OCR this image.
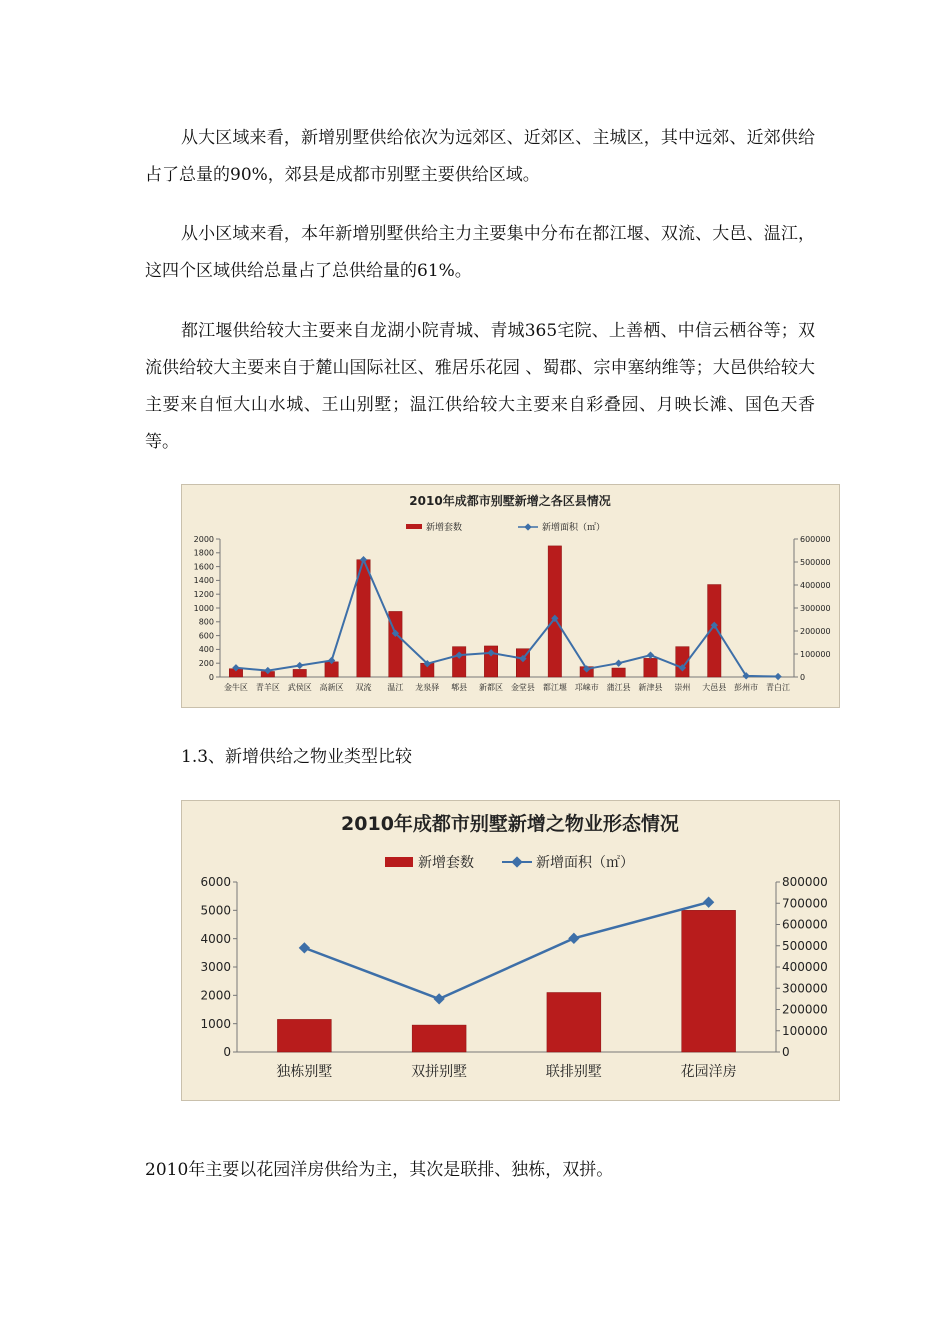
从大区域来看，新增别墅供给依次为远郊区、近郊区、主城区，其中远郊、近郊供给占了总量的90%，郊县是成都市别墅主要供给区域。

从小区域来看，本年新增别墅供给主力主要集中分布在都江堰、双流、大邑、温江，这四个区域供给总量占了总供给量的61%。

都江堰供给较大主要来自龙湖小院青城、青城365宅院、上善栖、中信云栖谷等；双流供给较大主要来自于麓山国际社区、雅居乐花园 、蜀郡、宗申塞纳维等；大邑供给较大主要来自恒大山水城、王山别墅；温江供给较大主要来自彩叠园、月映长滩、国色天香等。

2010年成都市别墅新增之各区县情况
新增套数	新增面积（㎡）
2000
1800
1600
1400
1200
1000
800
600
400
200
0
600000
500000
400000
300000
200000
100000
0
金牛区 青羊区 武侯区 高新区 双流 温江 龙泉驿 郫县 新都区 金堂县 都江堰 邛崃市 蒲江县 新津县 崇州 大邑县 彭州市 青白江

1.3、新增供给之物业类型比较

2010年成都市别墅新增之物业形态情况
新增套数	新增面积（㎡）
6000
5000
4000
3000
2000
1000
0
800000
700000
600000
500000
400000
300000
200000
100000
0
独栋别墅	双拼别墅	联排别墅	花园洋房

2010年主要以花园洋房供给为主，其次是联排、独栋，双拼。
